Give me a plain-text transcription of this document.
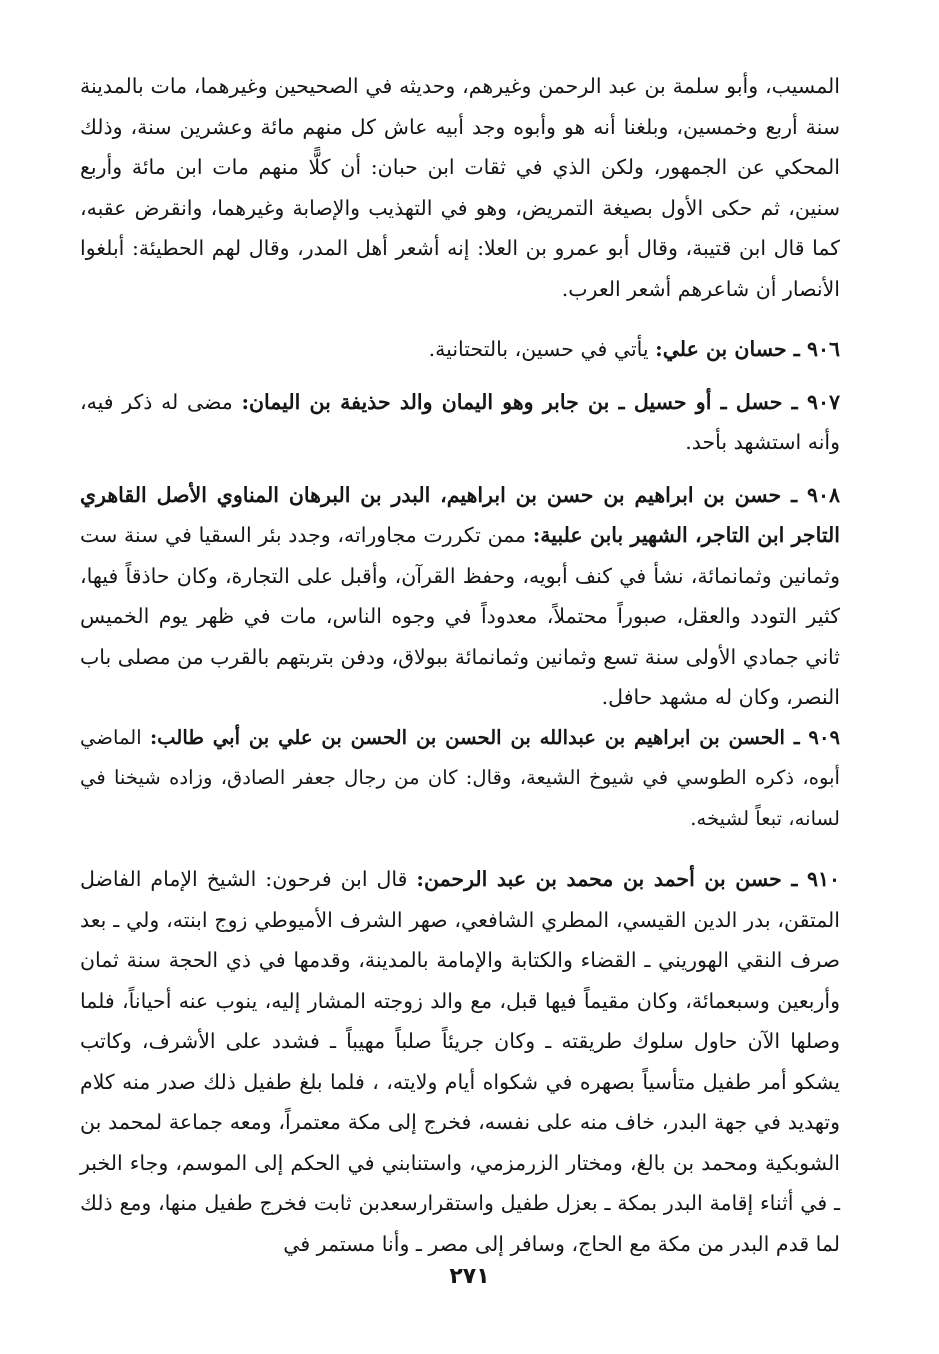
المسيب، وأبو سلمة بن عبد الرحمن وغيرهم، وحديثه في الصحيحين وغيرهما، مات بالمدينة سنة أربع وخمسين، وبلغنا أنه هو وأبوه وجد أبيه عاش كل منهم مائة وعشرين سنة، وذلك المحكي عن الجمهور، ولكن الذي في ثقات ابن حبان: أن كلًّا منهم مات ابن مائة وأربع سنين، ثم حكى الأول بصيغة التمريض، وهو في التهذيب والإصابة وغيرهما، وانقرض عقبه، كما قال ابن قتيبة، وقال أبو عمرو بن العلا: إنه أشعر أهل المدر، وقال لهم الحطيئة: أبلغوا الأنصار أن شاعرهم أشعر العرب.

٩٠٦ ـ حسان بن علي: يأتي في حسين، بالتحتانية.

٩٠٧ ـ حسل ـ أو حسيل ـ بن جابر وهو اليمان والد حذيفة بن اليمان: مضى له ذكر فيه، وأنه استشهد بأحد.

٩٠٨ ـ حسن بن ابراهيم بن حسن بن ابراهيم، البدر بن البرهان المناوي الأصل القاهري التاجر ابن التاجر، الشهير بابن علبية: ممن تكررت مجاوراته، وجدد بئر السقيا في سنة ست وثمانين وثمانمائة، نشأ في كنف أبويه، وحفظ القرآن، وأقبل على التجارة، وكان حاذقاً فيها، كثير التودد والعقل، صبوراً محتملاً، معدوداً في وجوه الناس، مات في ظهر يوم الخميس ثاني جمادي الأولى سنة تسع وثمانين وثمانمائة ببولاق، ودفن بتربتهم بالقرب من مصلى باب النصر، وكان له مشهد حافل.

٩٠٩ ـ الحسن بن ابراهيم بن عبدالله بن الحسن بن الحسن بن علي بن أبي طالب: الماضي أبوه، ذكره الطوسي في شيوخ الشيعة، وقال: كان من رجال جعفر الصادق، وزاده شيخنا في لسانه، تبعاً لشيخه.

٩١٠ ـ حسن بن أحمد بن محمد بن عبد الرحمن: قال ابن فرحون: الشيخ الإمام الفاضل المتقن، بدر الدين القيسي، المطري الشافعي، صهر الشرف الأميوطي زوج ابنته، ولي ـ بعد صرف النقي الهوريني ـ القضاء والكتابة والإمامة بالمدينة، وقدمها في ذي الحجة سنة ثمان وأربعين وسبعمائة، وكان مقيماً فيها قبل، مع والد زوجته المشار إليه، ينوب عنه أحياناً، فلما وصلها الآن حاول سلوك طريقته ـ وكان جريئاً صلباً مهيباً ـ فشدد على الأشرف، وكاتب يشكو أمر طفيل متأسياً بصهره في شكواه أيام ولايته، ، فلما بلغ طفيل ذلك صدر منه كلام وتهديد في جهة البدر، خاف منه على نفسه، فخرج إلى مكة معتمراً، ومعه جماعة لمحمد بن الشوبكية ومحمد بن بالغ، ومختار الزرمزمي، واستنابني في الحكم إلى الموسم، وجاء الخبر ـ في أثناء إقامة البدر بمكة ـ بعزل طفيل واستقرارسعدبن ثابت فخرج طفيل منها، ومع ذلك لما قدم البدر من مكة مع الحاج، وسافر إلى مصر ـ وأنا مستمر في

٢٧١
